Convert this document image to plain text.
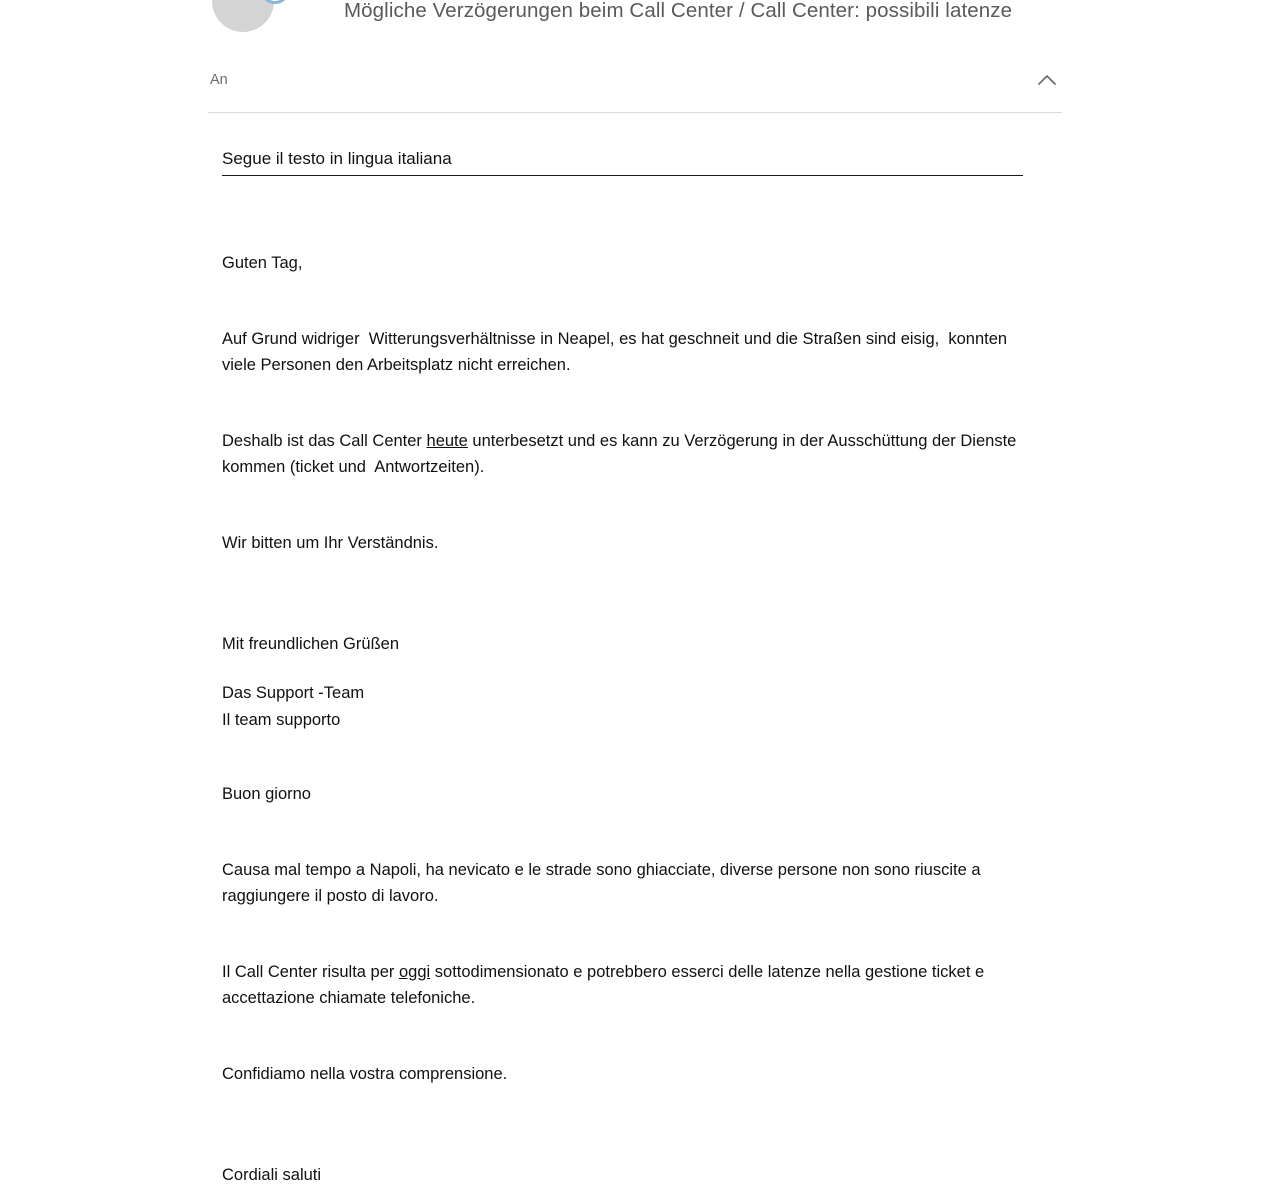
Mögliche Verzögerungen beim Call Center / Call Center: possibili latenze
An
Segue il testo in lingua italiana

Guten Tag,

Auf Grund widriger  Witterungsverhältnisse in Neapel, es hat geschneit und die Straßen sind eisig,  konnten viele Personen den Arbeitsplatz nicht erreichen.

Deshalb ist das Call Center heute unterbesetzt und es kann zu Verzögerung in der Ausschüttung der Dienste kommen (ticket und  Antwortzeiten).

Wir bitten um Ihr Verständnis.

Mit freundlichen Grüßen
Das Support -Team

Buon giorno

Causa mal tempo a Napoli, ha nevicato e le strade sono ghiacciate, diverse persone non sono riuscite a raggiungere il posto di lavoro.

Il Call Center risulta per oggi sottodimensionato e potrebbero esserci delle latenze nella gestione ticket e accettazione chiamate telefoniche.

Confidiamo nella vostra comprensione.

Cordiali saluti
Il team supporto
